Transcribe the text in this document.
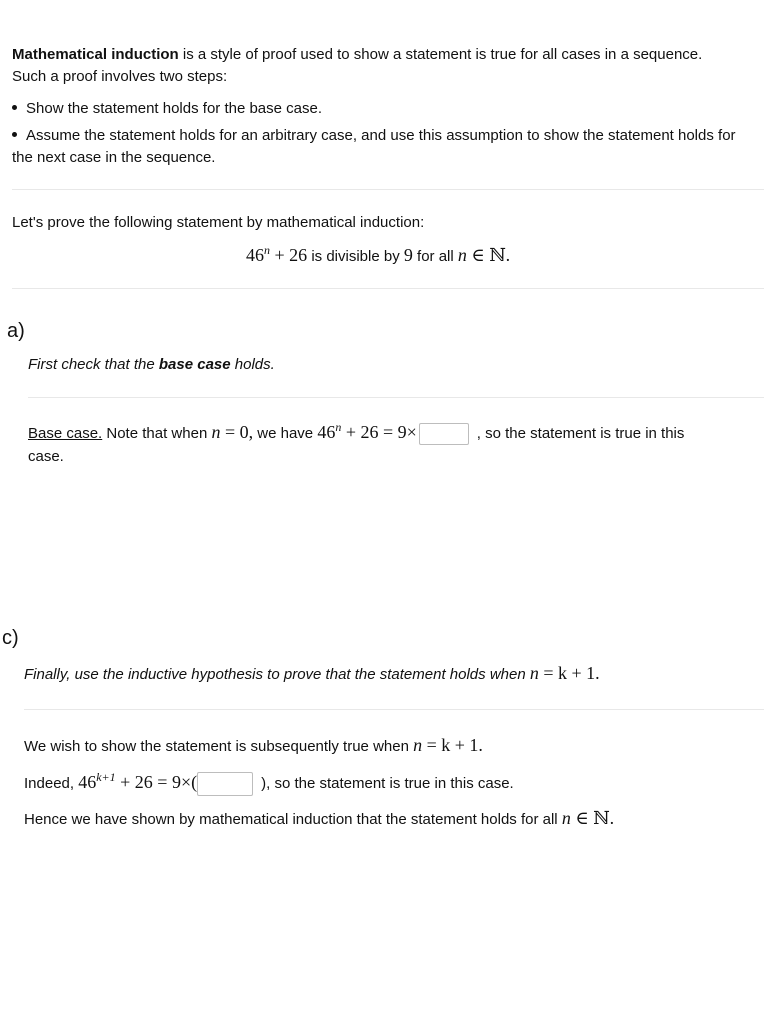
Mathematical induction is a style of proof used to show a statement is true for all cases in a sequence.
Such a proof involves two steps:
Show the statement holds for the base case.
Assume the statement holds for an arbitrary case, and use this assumption to show the statement holds for
the next case in the sequence.
Let's prove the following statement by mathematical induction:
$46^n + 26$ is divisible by 9 for all n ∈ ℕ.
a)
First check that the base case holds.
Base case. Note that when n = 0, we have $46^n + 26 = 9\times$	, so the statement is true in this
case.
c)
Finally, use the inductive hypothesis to prove that the statement holds when n = k + 1.
We wish to show the statement is subsequently true when n = k + 1.
Indeed, $46^{k+1} + 26 = 9\times$(	), so the statement is true in this case.
Hence we have shown by mathematical induction that the statement holds for all n ∈ ℕ.
